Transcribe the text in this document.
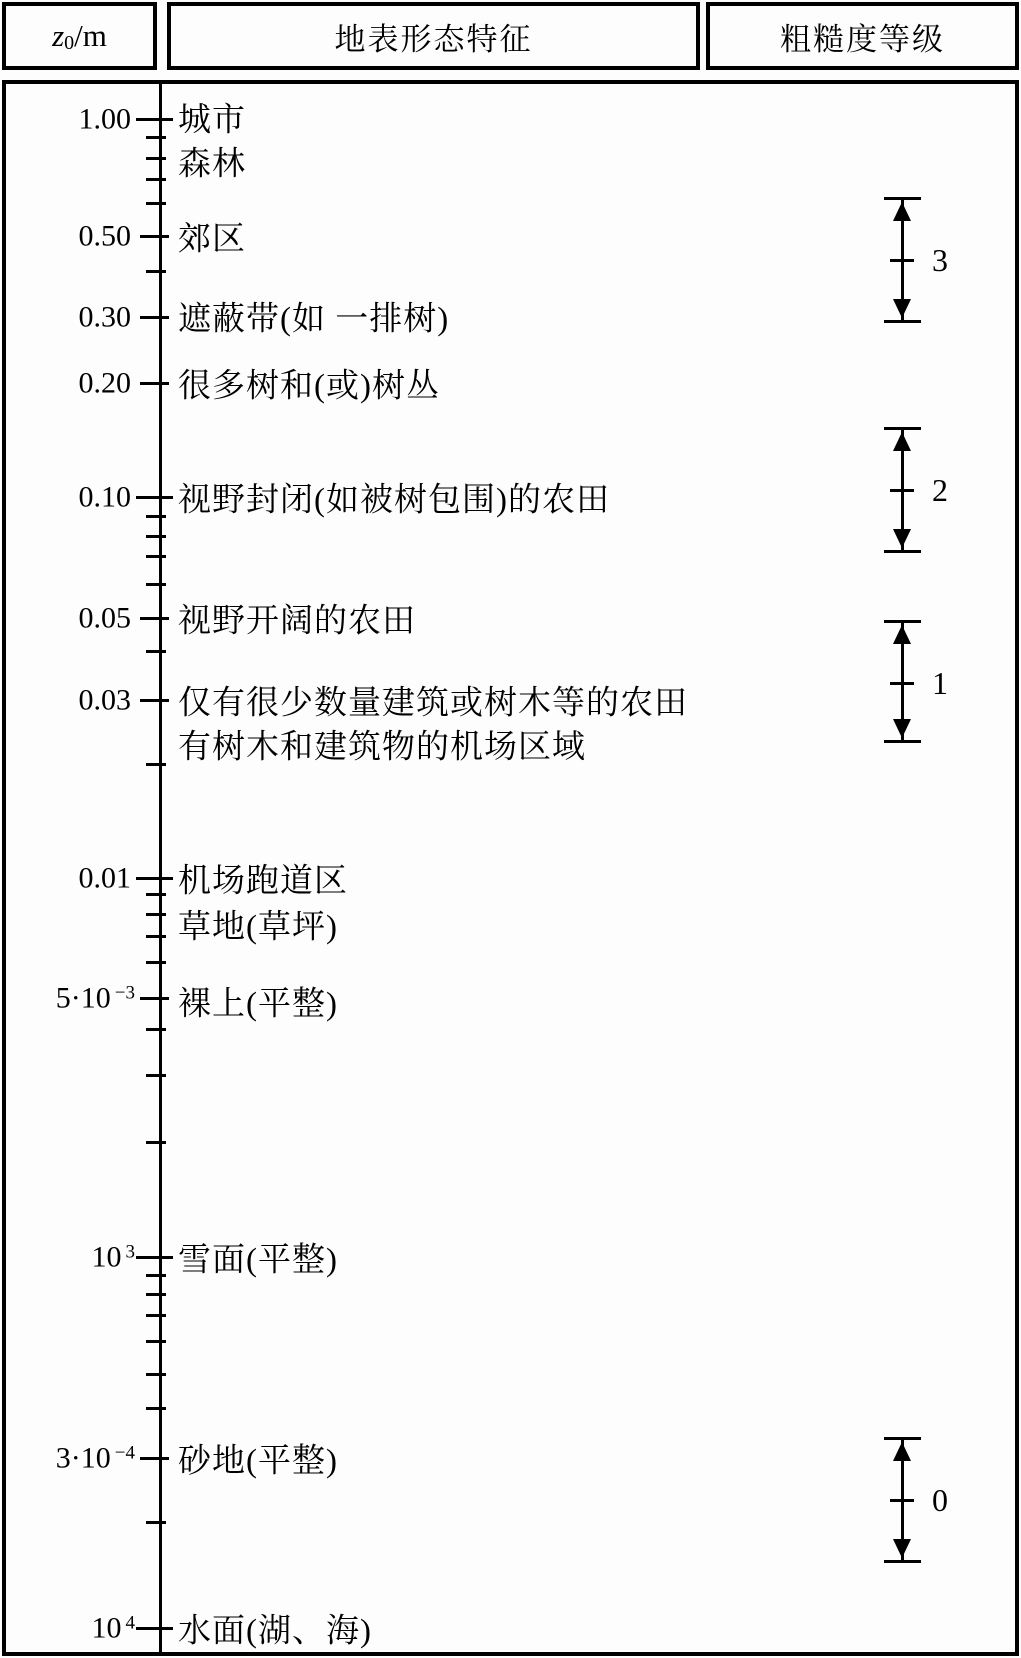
z 0 /m	地表形态特征	粗糙度等级
1.00
0.50
0.30
0.20
0.10
0.05
0.03
0.01
5·10 $^{-3}$
10 $^3$
3·10 $^{-4}$
10 $^4$
城市
森林
郊区
遮蔽带(如 一排树)
很多树和(或)树丛
视野封闭(如被树包围)的农田
视野开阔的农田
仅有很少数量建筑或树木等的农田
有树木和建筑物的机场区域
机场跑道区
草地(草坪)
裸上(平整)
雪面(平整)
砂地(平整)
水面(湖、海)
3
2
1
0
